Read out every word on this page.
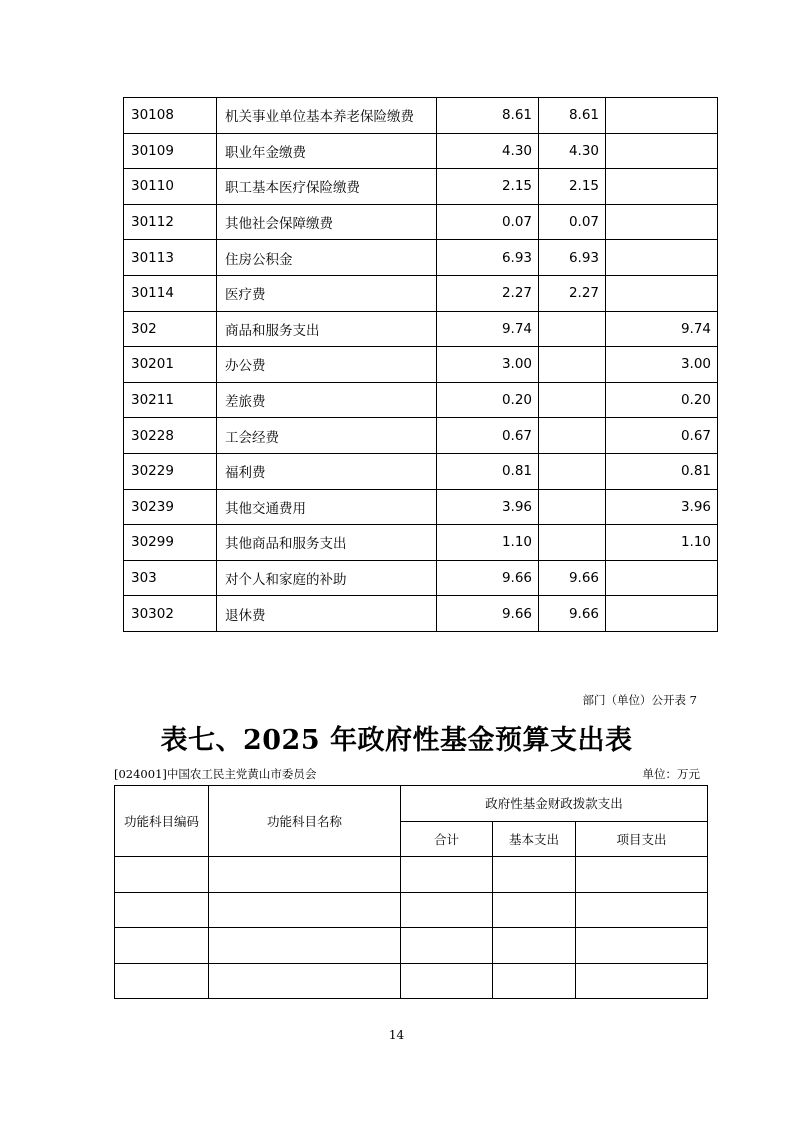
30108	机关事业单位基本养老保险缴费	8.61	8.61	
30109	职业年金缴费	4.30	4.30	
30110	职工基本医疗保险缴费	2.15	2.15	
30112	其他社会保障缴费	0.07	0.07	
30113	住房公积金	6.93	6.93	
30114	医疗费	2.27	2.27	
302	商品和服务支出	9.74		9.74
30201	办公费	3.00		3.00
30211	差旅费	0.20		0.20
30228	工会经费	0.67		0.67
30229	福利费	0.81		0.81
30239	其他交通费用	3.96		3.96
30299	其他商品和服务支出	1.10		1.10
303	对个人和家庭的补助	9.66	9.66	
30302	退休费	9.66	9.66	
部门（单位）公开表 7
表七、2025 年政府性基金预算支出表
[024001]中国农工民主党黄山市委员会	单位：万元
功能科目编码	功能科目名称	政府性基金财政拨款支出		
		合计	基本支出	项目支出

14
